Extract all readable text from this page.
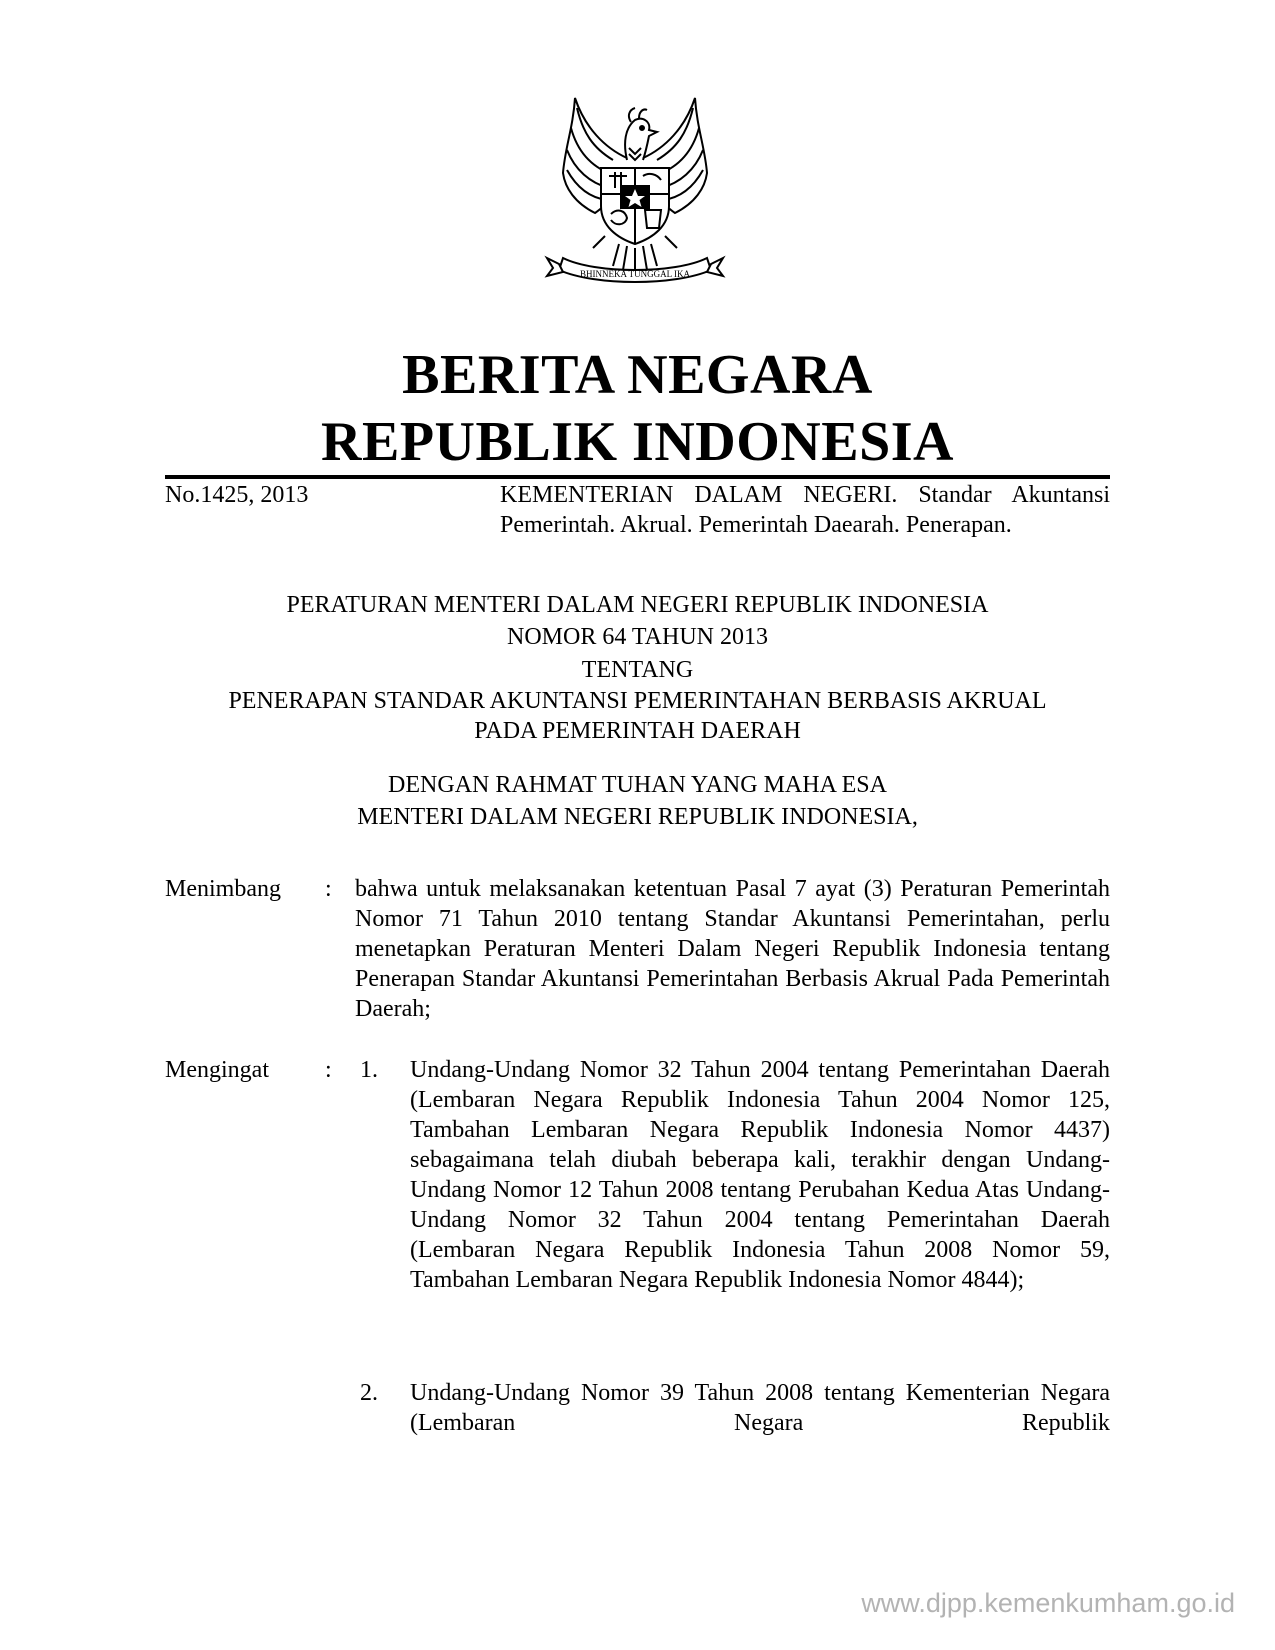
BHINNEKA TUNGGAL IKA
BERITA NEGARA
REPUBLIK INDONESIA
No.1425, 2013	KEMENTERIAN DALAM NEGERI. Standar Akuntansi Pemerintah. Akrual. Pemerintah Daearah. Penerapan.
PERATURAN MENTERI DALAM NEGERI REPUBLIK INDONESIA
NOMOR 64 TAHUN 2013
TENTANG
PENERAPAN STANDAR AKUNTANSI PEMERINTAHAN BERBASIS AKRUAL
PADA PEMERINTAH DAERAH
DENGAN RAHMAT TUHAN YANG MAHA ESA
MENTERI DALAM NEGERI REPUBLIK INDONESIA,
Menimbang : bahwa untuk melaksanakan ketentuan Pasal 7 ayat (3) Peraturan Pemerintah Nomor 71 Tahun 2010 tentang Standar Akuntansi Pemerintahan, perlu menetapkan Peraturan Menteri Dalam Negeri Republik Indonesia tentang Penerapan Standar Akuntansi Pemerintahan Berbasis Akrual Pada Pemerintah Daerah;
Mengingat : 1. Undang-Undang Nomor 32 Tahun 2004 tentang Pemerintahan Daerah (Lembaran Negara Republik Indonesia Tahun 2004 Nomor 125, Tambahan Lembaran Negara Republik Indonesia Nomor 4437) sebagaimana telah diubah beberapa kali, terakhir dengan Undang-Undang Nomor 12 Tahun 2008 tentang Perubahan Kedua Atas Undang-Undang Nomor 32 Tahun 2004 tentang Pemerintahan Daerah (Lembaran Negara Republik Indonesia Tahun 2008 Nomor 59, Tambahan Lembaran Negara Republik Indonesia Nomor 4844);
2. Undang-Undang Nomor 39 Tahun 2008 tentang Kementerian Negara (Lembaran Negara Republik
www.djpp.kemenkumham.go.id
